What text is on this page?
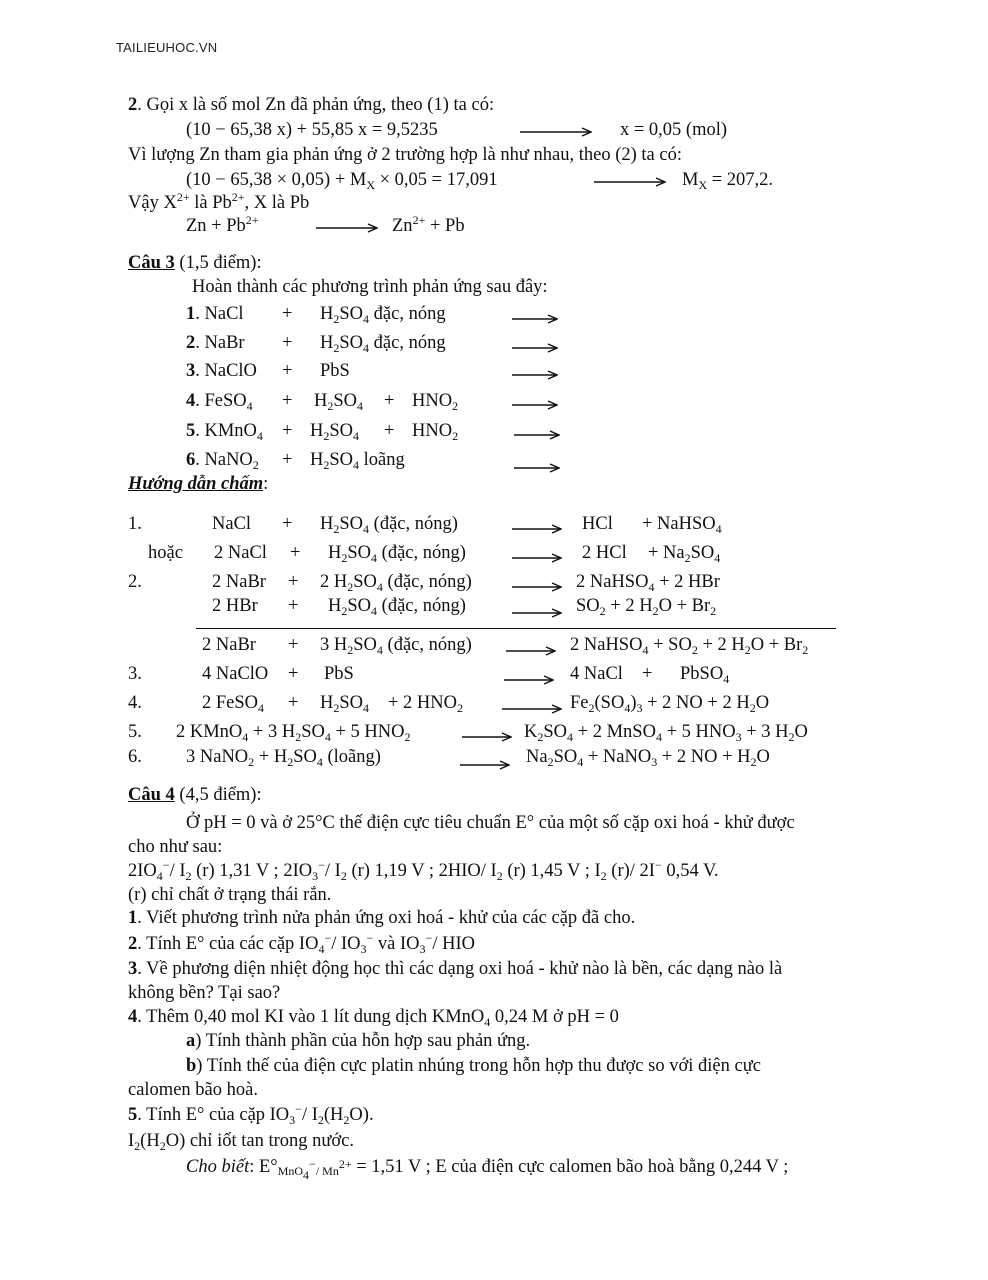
TAILIEUHOC.VN
2. Gọi x là số mol Zn đã phản ứng, theo (1) ta có:
(10 − 65,38 x) + 55,85 x = 9,5235	x = 0,05 (mol)
Vì lượng Zn tham gia phản ứng ở 2 trường hợp là như nhau, theo (2) ta có:
$(10 - 65,38 \times 0,05) + M_X \times 0,05 = 17,091$	$M_X = 207,2$.
Vậy $X^{2+}$ là $Pb^{2+}$, X là Pb
$Zn + Pb^{2+}$	$Zn^{2+} + Pb$
Câu 3 (1,5 điểm):
Hoàn thành các phương trình phản ứng sau đây:
1. NaCl + $H_2SO_4$ đặc, nóng
2. NaBr + $H_2SO_4$ đặc, nóng
3. NaClO + PbS
4. FeSO$_4$ + $H_2SO_4 + HNO_2$
5. KMnO$_4$ + $H_2SO_4 + HNO_2$
6. NaNO$_2$ + $H_2SO_4$ loãng
Hướng dẫn chấm:
1.	NaCl + $H_2SO_4$ (đặc, nóng)	HCl + NaHSO$_4$
hoặc 2 NaCl + $H_2SO_4$ (đặc, nóng)	2 HCl + $Na_2SO_4$
2.	2 NaBr + 2 $H_2SO_4$ (đặc, nóng)	2 NaHSO$_4$ + 2 HBr
2 HBr + $H_2SO_4$ (đặc, nóng)	$SO_2 + 2$ $H_2O + Br_2$
2 NaBr + 3 $H_2SO_4$ (đặc, nóng)	2 NaHSO$_4$ + $SO_2 + 2$ $H_2O + Br_2$
3.	4 NaClO + PbS	4 NaCl + PbSO$_4$
4.	2 FeSO$_4$ + $H_2SO_4 + 2$ $HNO_2$	$Fe_2(SO_4)_3 + 2$ NO + 2 $H_2O$
5. 2 KMnO$_4$ + 3 $H_2SO_4 + 5$ $HNO_2$	$K_2SO_4 + 2$ MnSO$_4$ + 5 $HNO_3 + 3$ $H_2O$
6. 3 NaNO$_2$ + $H_2SO_4$ (loãng)	$Na_2SO_4$ + NaNO$_3$ + 2 NO + $H_2O$
Câu 4 (4,5 điểm):
Ở pH = 0 và ở 25°C thế điện cực tiêu chuẩn E° của một số cặp oxi hoá - khử được
cho như sau:
$2IO_4^-/$ $I_2$ (r) 1,31 V ; $2IO_3^-/$ $I_2$ (r) 1,19 V ; 2HIO/ $I_2$ (r) 1,45 V ; $I_2$ (r)/ 2I− 0,54 V.
(r) chỉ chất ở trạng thái rắn.
1. Viết phương trình nửa phản ứng oxi hoá - khử của các cặp đã cho.
2. Tính E° của các cặp $IO_4^-/$ $IO_3^-$ và $IO_3^-/$ HIO
3. Về phương diện nhiệt động học thì các dạng oxi hoá - khử nào là bền, các dạng nào là
không bền? Tại sao?
4. Thêm 0,40 mol KI vào 1 lít dung dịch KMnO$_4$ 0,24 M ở pH = 0
a) Tính thành phần của hỗn hợp sau phản ứng.
b) Tính thế của điện cực platin nhúng trong hỗn hợp thu được so với điện cực
calomen bão hoà.
5. Tính E° của cặp $IO_3^-/$ $I_2(H_2O)$.
$I_2(H_2O)$ chỉ iốt tan trong nước.
Cho biết: E°MnO$_4$−/ $Mn^{2+} = 1,51$ V ; E của điện cực calomen bão hoà bằng 0,244 V ;
